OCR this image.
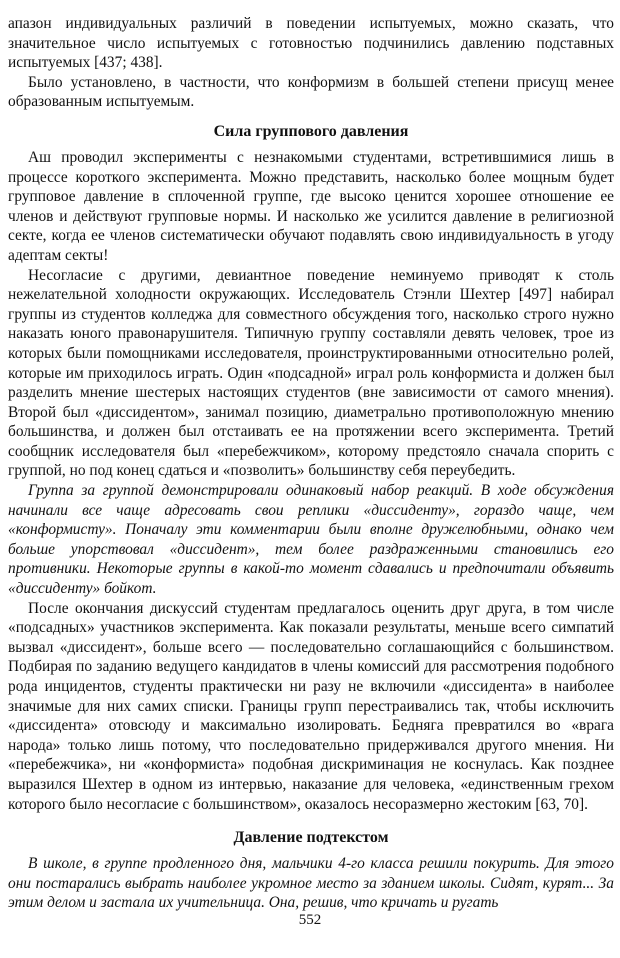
апазон индивидуальных различий в поведении испытуемых, можно сказать, что значительное число испытуемых с готовностью подчинились давлению подставных испытуемых [437; 438].

Было установлено, в частности, что конформизм в большей степени присущ менее образованным испытуемым.

Сила группового давления

Аш проводил эксперименты с незнакомыми студентами, встретившимися лишь в процессе короткого эксперимента. Можно представить, насколько более мощным будет групповое давление в сплоченной группе, где высоко ценится хорошее отношение ее членов и действуют групповые нормы. И насколько же усилится давление в религиозной секте, когда ее членов систематически обучают подавлять свою индивидуальность в угоду адептам секты!

Несогласие с другими, девиантное поведение неминуемо приводят к столь нежелательной холодности окружающих. Исследователь Стэнли Шехтер [497] набирал группы из студентов колледжа для совместного обсуждения того, насколько строго нужно наказать юного правонарушителя. Типичную группу составляли девять человек, трое из которых были помощниками исследователя, проинструктированными относительно ролей, которые им приходилось играть. Один «подсадной» играл роль конформиста и должен был разделить мнение шестерых настоящих студентов (вне зависимости от самого мнения). Второй был «диссидентом», занимал позицию, диаметрально противоположную мнению большинства, и должен был отстаивать ее на протяжении всего эксперимента. Третий сообщник исследователя был «перебежчиком», которому предстояло сначала спорить с группой, но под конец сдаться и «позволить» большинству себя переубедить.

Группа за группой демонстрировали одинаковый набор реакций. В ходе обсуждения начинали все чаще адресовать свои реплики «диссиденту», гораздо чаще, чем «конформисту». Поначалу эти комментарии были вполне дружелюбными, однако чем больше упорствовал «диссидент», тем более раздраженными становились его противники. Некоторые группы в какой-то момент сдавались и предпочитали объявить «диссиденту» бойкот.

После окончания дискуссий студентам предлагалось оценить друг друга, в том числе «подсадных» участников эксперимента. Как показали результаты, меньше всего симпатий вызвал «диссидент», больше всего — последовательно соглашающийся с большинством. Подбирая по заданию ведущего кандидатов в члены комиссий для рассмотрения подобного рода инцидентов, студенты практически ни разу не включили «диссидента» в наиболее значимые для них самих списки. Границы групп перестраивались так, чтобы исключить «диссидента» отовсюду и максимально изолировать. Бедняга превратился во «врага народа» только лишь потому, что последовательно придерживался другого мнения. Ни «перебежчика», ни «конформиста» подобная дискриминация не коснулась. Как позднее выразился Шехтер в одном из интервью, наказание для человека, «единственным грехом которого было несогласие с большинством», оказалось несоразмерно жестоким [63, 70].

Давление подтекстом

В школе, в группе продленного дня, мальчики 4-го класса решили покурить. Для этого они постарались выбрать наиболее укромное место за зданием школы. Сидят, курят... За этим делом и застала их учительница. Она, решив, что кричать и ругать

552
